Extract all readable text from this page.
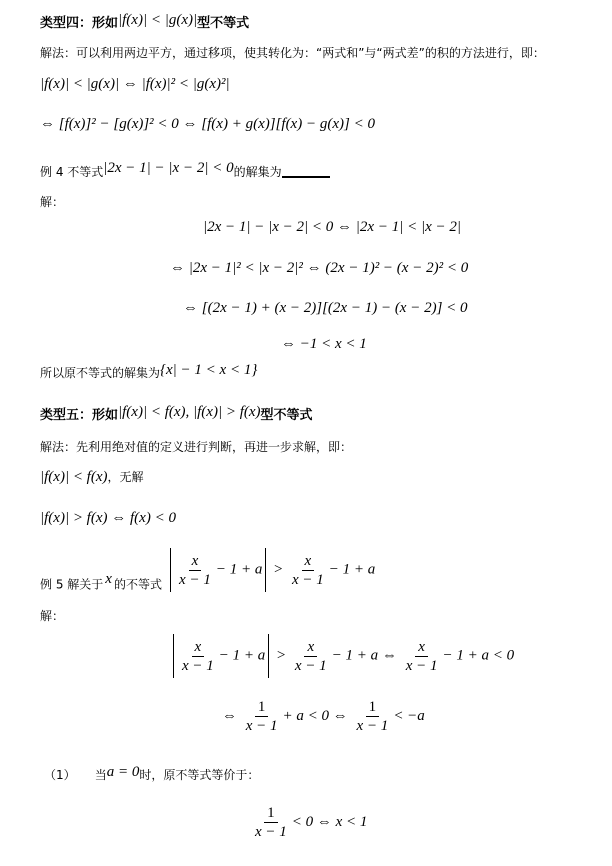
类型四：形如|f(x)| < |g(x)|型不等式
解法：可以利用两边平方，通过移项，使其转化为：“两式和”与“两式差”的积的方法进行，即：
|f(x)| < |g(x)| ⇔ |f(x)|² < |g(x)²|
⇔ [f(x)]² − [g(x)]² < 0 ⇔ [f(x) + g(x)][f(x) − g(x)] < 0
例 4 不等式|2x − 1| − |x − 2| < 0的解集为
解：
|2x − 1| − |x − 2| < 0 ⇔ |2x − 1| < |x − 2|
⇔ |2x − 1|² < |x − 2|² ⇔ (2x − 1)² − (x − 2)² < 0
⇔ [(2x − 1) + (x − 2)][(2x − 1) − (x − 2)] < 0
⇔ −1 < x < 1
所以原不等式的解集为{x| − 1 < x < 1}
类型五：形如|f(x)| < f(x), |f(x)| > f(x)型不等式
解法：先利用绝对值的定义进行判断，再进一步求解，即：
|f(x)| < f(x)，无解
|f(x)| > f(x) ⇔ f(x) < 0
$_{例 5 解关于}$ x $_{的不等式} \frac{x}{x - 1} - 1 + a > \frac{x}{x - 1} - 1 + a$
解：
$\frac{x}{x - 1} - 1 + a > \frac{x}{x - 1} - 1 + a$ ⇔ $\frac{x}{x - 1} - 1 + a < 0$
⇔ $\frac{1}{x - 1} + a < 0$ ⇔ $\frac{1}{x - 1} < -a$
（1） 当a = 0时，原不等式等价于：
$\frac{1}{x - 1} < 0$ ⇔ x < 1
